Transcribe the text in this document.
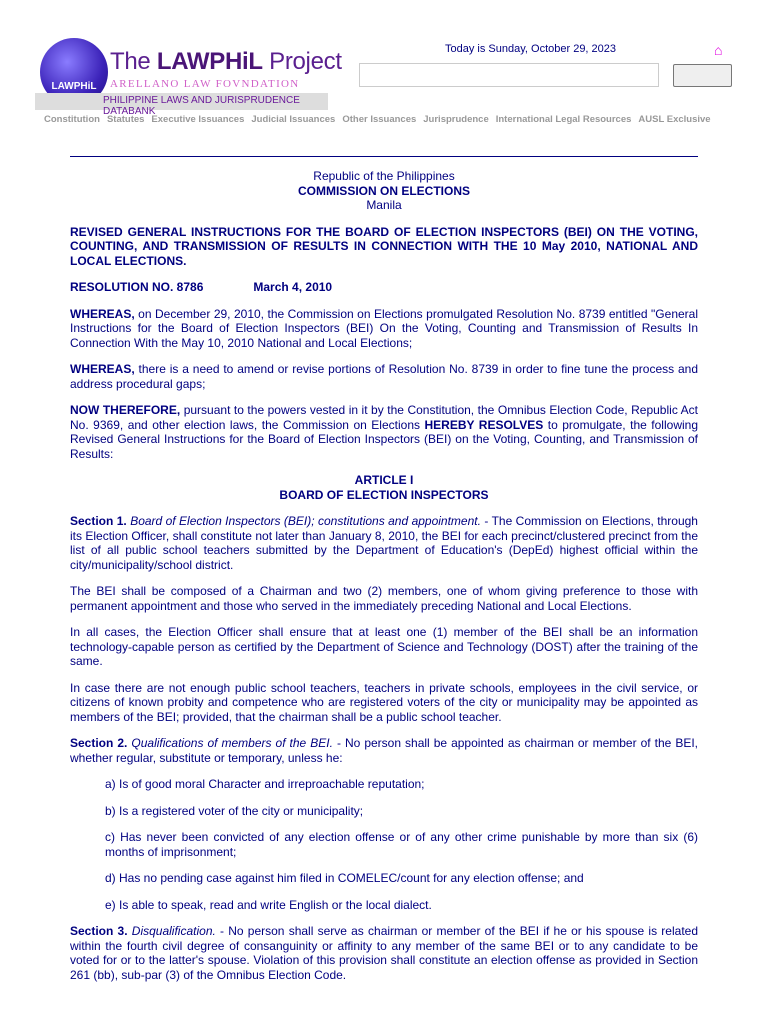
LAWPHiL
The LAWPHiL Project
ARELLANO LAW FOVNDATION
PHILIPPINE LAWS AND JURISPRUDENCE DATABANK
Today is Sunday, October 29, 2023	⌂
Constitution Statutes Executive Issuances Judicial Issuances Other Issuances Jurisprudence International Legal Resources AUSL Exclusive
Republic of the Philippines
COMMISSION ON ELECTIONS
Manila

REVISED GENERAL INSTRUCTIONS FOR THE BOARD OF ELECTION INSPECTORS (BEI) ON THE VOTING, COUNTING, AND TRANSMISSION OF RESULTS IN CONNECTION WITH THE 10 May 2010, NATIONAL AND LOCAL ELECTIONS.

RESOLUTION NO. 8786	March 4, 2010

WHEREAS, on December 29, 2010, the Commission on Elections promulgated Resolution No. 8739 entitled "General Instructions for the Board of Election Inspectors (BEI) On the Voting, Counting and Transmission of Results In Connection With the May 10, 2010 National and Local Elections;

WHEREAS, there is a need to amend or revise portions of Resolution No. 8739 in order to fine tune the process and address procedural gaps;

NOW THEREFORE, pursuant to the powers vested in it by the Constitution, the Omnibus Election Code, Republic Act No. 9369, and other election laws, the Commission on Elections HEREBY RESOLVES to promulgate, the following Revised General Instructions for the Board of Election Inspectors (BEI) on the Voting, Counting, and Transmission of Results:

ARTICLE I
BOARD OF ELECTION INSPECTORS

Section 1. Board of Election Inspectors (BEI); constitutions and appointment. - The Commission on Elections, through its Election Officer, shall constitute not later than January 8, 2010, the BEI for each precinct/clustered precinct from the list of all public school teachers submitted by the Department of Education's (DepEd) highest official within the city/municipality/school district.

The BEI shall be composed of a Chairman and two (2) members, one of whom giving preference to those with permanent appointment and those who served in the immediately preceding National and Local Elections.

In all cases, the Election Officer shall ensure that at least one (1) member of the BEI shall be an information technology-capable person as certified by the Department of Science and Technology (DOST) after the training of the same.

In case there are not enough public school teachers, teachers in private schools, employees in the civil service, or citizens of known probity and competence who are registered voters of the city or municipality may be appointed as members of the BEI; provided, that the chairman shall be a public school teacher.

Section 2. Qualifications of members of the BEI. - No person shall be appointed as chairman or member of the BEI, whether regular, substitute or temporary, unless he:

a) Is of good moral Character and irreproachable reputation;

b) Is a registered voter of the city or municipality;

c) Has never been convicted of any election offense or of any other crime punishable by more than six (6) months of imprisonment;

d) Has no pending case against him filed in COMELEC/count for any election offense; and

e) Is able to speak, read and write English or the local dialect.

Section 3. Disqualification. - No person shall serve as chairman or member of the BEI if he or his spouse is related within the fourth civil degree of consanguinity or affinity to any member of the same BEI or to any candidate to be voted for or to the latter's spouse. Violation of this provision shall constitute an election offense as provided in Section 261 (bb), sub-par (3) of the Omnibus Election Code.
